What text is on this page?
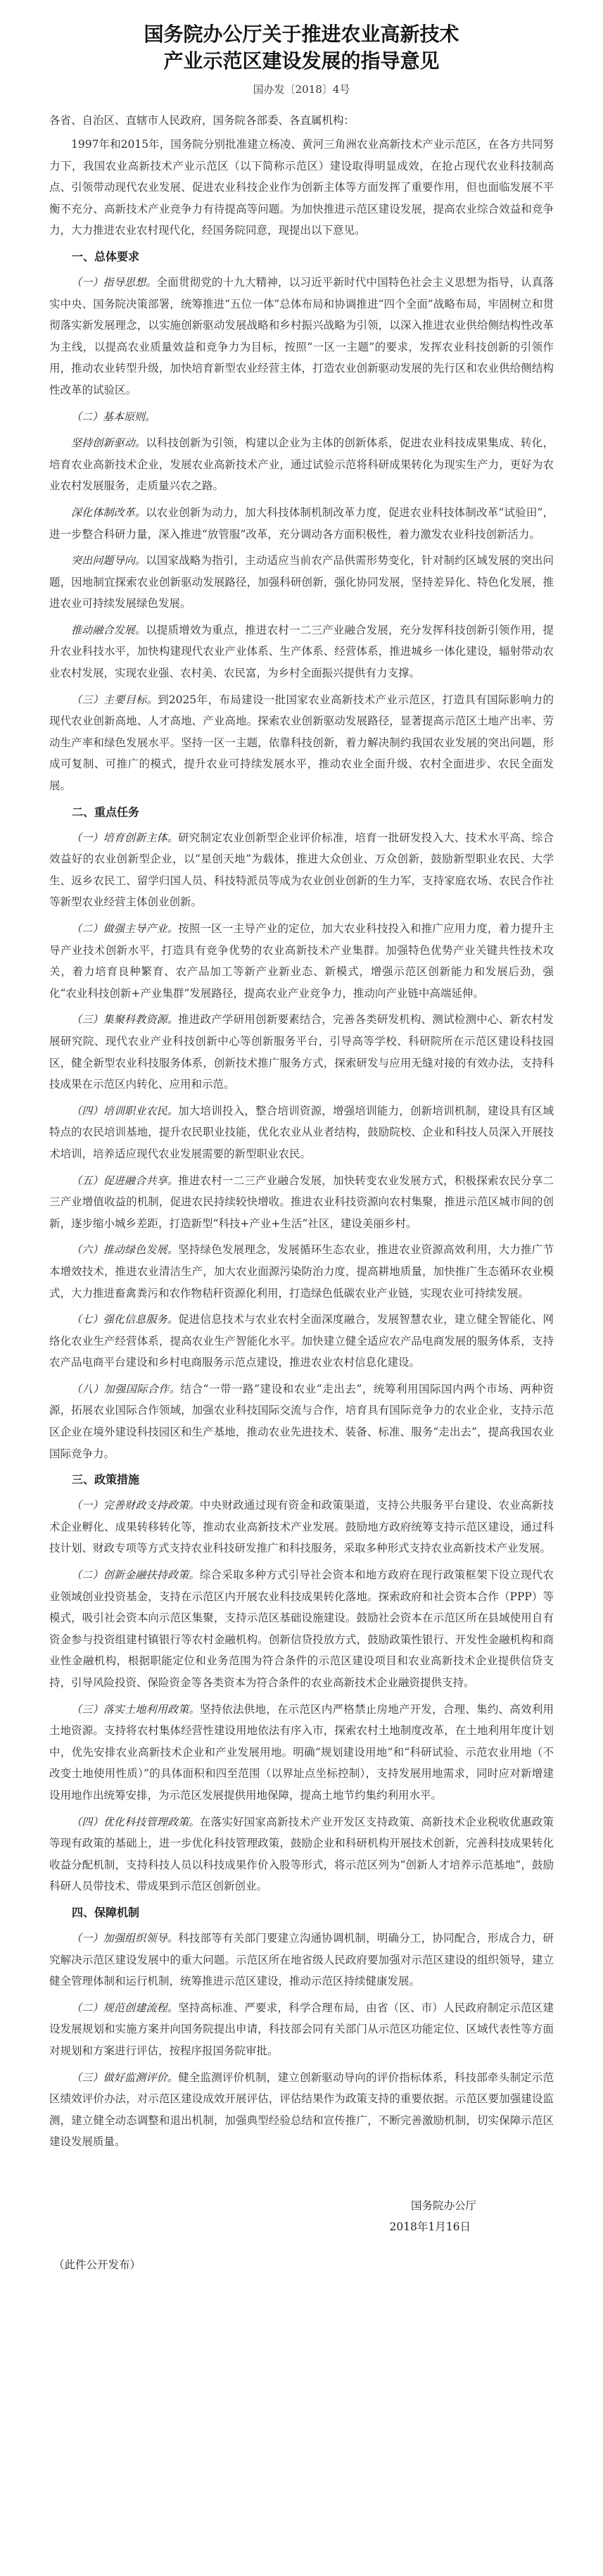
国务院办公厅关于推进农业高新技术
产业示范区建设发展的指导意见
国办发〔2018〕4号
各省、自治区、直辖市人民政府，国务院各部委、各直属机构：

1997年和2015年，国务院分别批准建立杨凌、黄河三角洲农业高新技术产业示范区，在各方共同努力下，我国农业高新技术产业示范区（以下简称示范区）建设取得明显成效，在抢占现代农业科技制高点、引领带动现代农业发展、促进农业科技企业作为创新主体等方面发挥了重要作用，但也面临发展不平衡不充分、高新技术产业竞争力有待提高等问题。为加快推进示范区建设发展，提高农业综合效益和竞争力，大力推进农业农村现代化，经国务院同意，现提出以下意见。

一、总体要求

（一）指导思想。全面贯彻党的十九大精神，以习近平新时代中国特色社会主义思想为指导，认真落实中央、国务院决策部署，统筹推进“五位一体”总体布局和协调推进“四个全面”战略布局，牢固树立和贯彻落实新发展理念，以实施创新驱动发展战略和乡村振兴战略为引领，以深入推进农业供给侧结构性改革为主线，以提高农业质量效益和竞争力为目标，按照“一区一主题”的要求，发挥农业科技创新的引领作用，推动农业转型升级，加快培育新型农业经营主体，打造农业创新驱动发展的先行区和农业供给侧结构性改革的试验区。

（二）基本原则。

坚持创新驱动。以科技创新为引领，构建以企业为主体的创新体系，促进农业科技成果集成、转化，培育农业高新技术企业，发展农业高新技术产业，通过试验示范将科研成果转化为现实生产力，更好为农业农村发展服务，走质量兴农之路。

深化体制改革。以农业创新为动力，加大科技体制机制改革力度，促进农业科技体制改革“试验田”，进一步整合科研力量，深入推进“放管服”改革，充分调动各方面积极性，着力激发农业科技创新活力。

突出问题导向。以国家战略为指引，主动适应当前农产品供需形势变化，针对制约区域发展的突出问题，因地制宜探索农业创新驱动发展路径，加强科研创新，强化协同发展，坚持差异化、特色化发展，推进农业可持续发展绿色发展。

推动融合发展。以提质增效为重点，推进农村一二三产业融合发展，充分发挥科技创新引领作用，提升农业科技水平，加快构建现代农业产业体系、生产体系、经营体系，推进城乡一体化建设，辐射带动农业农村发展，实现农业强、农村美、农民富，为乡村全面振兴提供有力支撑。

（三）主要目标。到2025年，布局建设一批国家农业高新技术产业示范区，打造具有国际影响力的现代农业创新高地、人才高地、产业高地。探索农业创新驱动发展路径，显著提高示范区土地产出率、劳动生产率和绿色发展水平。坚持一区一主题，依靠科技创新，着力解决制约我国农业发展的突出问题，形成可复制、可推广的模式，提升农业可持续发展水平，推动农业全面升级、农村全面进步、农民全面发展。

二、重点任务

（一）培育创新主体。研究制定农业创新型企业评价标准，培育一批研发投入大、技术水平高、综合效益好的农业创新型企业，以“星创天地”为载体，推进大众创业、万众创新，鼓励新型职业农民、大学生、返乡农民工、留学归国人员、科技特派员等成为农业创业创新的生力军，支持家庭农场、农民合作社等新型农业经营主体创业创新。

（二）做强主导产业。按照一区一主导产业的定位，加大农业科技投入和推广应用力度，着力提升主导产业技术创新水平，打造具有竞争优势的农业高新技术产业集群。加强特色优势产业关键共性技术攻关，着力培育良种繁育、农产品加工等新产业新业态、新模式，增强示范区创新能力和发展后劲，强化“农业科技创新+产业集群”发展路径，提高农业产业竞争力，推动向产业链中高端延伸。

（三）集聚科教资源。推进政产学研用创新要素结合，完善各类研发机构、测试检测中心、新农村发展研究院、现代农业产业科技创新中心等创新服务平台，引导高等学校、科研院所在示范区建设科技园区，健全新型农业科技服务体系，创新技术推广服务方式，探索研发与应用无缝对接的有效办法，支持科技成果在示范区内转化、应用和示范。

（四）培训职业农民。加大培训投入，整合培训资源，增强培训能力，创新培训机制，建设具有区域特点的农民培训基地，提升农民职业技能，优化农业从业者结构，鼓励院校、企业和科技人员深入开展技术培训，培养适应现代农业发展需要的新型职业农民。

（五）促进融合共享。推进农村一二三产业融合发展，加快转变农业发展方式，积极探索农民分享二三产业增值收益的机制，促进农民持续较快增收。推进农业科技资源向农村集聚，推进示范区城市间的创新，逐步缩小城乡差距，打造新型“科技+产业+生活”社区，建设美丽乡村。

（六）推动绿色发展。坚持绿色发展理念，发展循环生态农业，推进农业资源高效利用，大力推广节本增效技术，推进农业清洁生产，加大农业面源污染防治力度，提高耕地质量，加快推广生态循环农业模式，大力推进畜禽粪污和农作物秸秆资源化利用，打造绿色低碳农业产业链，实现农业可持续发展。

（七）强化信息服务。促进信息技术与农业农村全面深度融合，发展智慧农业，建立健全智能化、网络化农业生产经营体系，提高农业生产智能化水平。加快建立健全适应农产品电商发展的服务体系，支持农产品电商平台建设和乡村电商服务示范点建设，推进农业农村信息化建设。

（八）加强国际合作。结合“一带一路”建设和农业“走出去”，统筹利用国际国内两个市场、两种资源，拓展农业国际合作领域，加强农业科技国际交流与合作，培育具有国际竞争力的农业企业，支持示范区企业在境外建设科技园区和生产基地，推动农业先进技术、装备、标准、服务“走出去”，提高我国农业国际竞争力。

三、政策措施

（一）完善财政支持政策。中央财政通过现有资金和政策渠道，支持公共服务平台建设、农业高新技术企业孵化、成果转移转化等，推动农业高新技术产业发展。鼓励地方政府统筹支持示范区建设，通过科技计划、财政专项等方式支持农业科技研发推广和科技服务，采取多种形式支持农业高新技术产业发展。

（二）创新金融扶持政策。综合采取多种方式引导社会资本和地方政府在现行政策框架下设立现代农业领域创业投资基金，支持在示范区内开展农业科技成果转化落地。探索政府和社会资本合作（PPP）等模式，吸引社会资本向示范区集聚，支持示范区基础设施建设。鼓励社会资本在示范区所在县域使用自有资金参与投资组建村镇银行等农村金融机构。创新信贷投放方式，鼓励政策性银行、开发性金融机构和商业性金融机构，根据职能定位和业务范围为符合条件的示范区建设项目和农业高新技术企业提供信贷支持，引导风险投资、保险资金等各类资本为符合条件的农业高新技术企业融资提供支持。

（三）落实土地利用政策。坚持依法供地，在示范区内严格禁止房地产开发，合理、集约、高效利用土地资源。支持将农村集体经营性建设用地依法有序入市，探索农村土地制度改革，在土地利用年度计划中，优先安排农业高新技术企业和产业发展用地。明确“规划建设用地”和“科研试验、示范农业用地（不改变土地使用性质）”的具体面积和四至范围（以界址点坐标控制），支持发展用地需求，同时应对新增建设用地作出统筹安排，为示范区发展提供用地保障，提高土地节约集约利用水平。

（四）优化科技管理政策。在落实好国家高新技术产业开发区支持政策、高新技术企业税收优惠政策等现有政策的基础上，进一步优化科技管理政策，鼓励企业和科研机构开展技术创新，完善科技成果转化收益分配机制，支持科技人员以科技成果作价入股等形式，将示范区列为“创新人才培养示范基地”，鼓励科研人员带技术、带成果到示范区创新创业。

四、保障机制

（一）加强组织领导。科技部等有关部门要建立沟通协调机制，明确分工，协同配合，形成合力，研究解决示范区建设发展中的重大问题。示范区所在地省级人民政府要加强对示范区建设的组织领导，建立健全管理体制和运行机制，统筹推进示范区建设，推动示范区持续健康发展。

（二）规范创建流程。坚持高标准、严要求，科学合理布局，由省（区、市）人民政府制定示范区建设发展规划和实施方案并向国务院提出申请，科技部会同有关部门从示范区功能定位、区域代表性等方面对规划和方案进行评估，按程序报国务院审批。

（三）做好监测评价。健全监测评价机制，建立创新驱动导向的评价指标体系，科技部牵头制定示范区绩效评价办法，对示范区建设成效开展评估，评估结果作为政策支持的重要依据。示范区要加强建设监测，建立健全动态调整和退出机制，加强典型经验总结和宣传推广，不断完善激励机制，切实保障示范区建设发展质量。

国务院办公厅
2018年1月16日
（此件公开发布）
